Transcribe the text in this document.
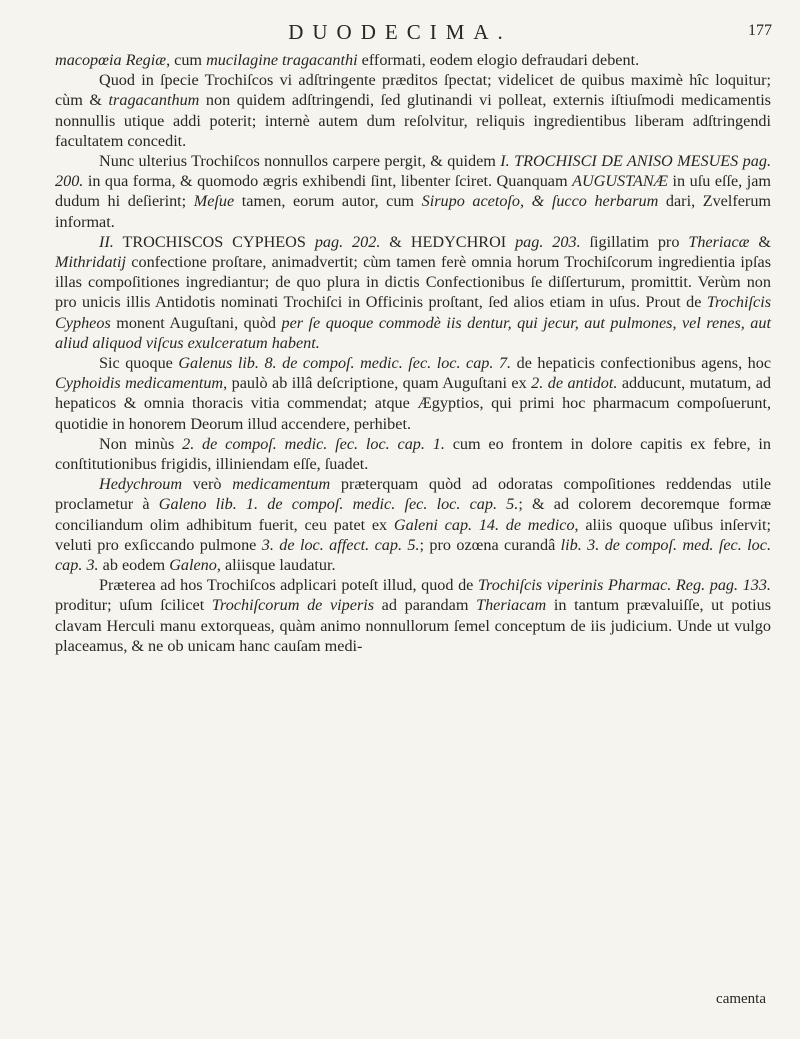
DUODECIMA.	177

macopœia Regiæ, cum mucilagine tragacanthi efformati, eodem elogio defraudari debent.

Quod in ſpecie Trochiſcos vi adſtringente præditos ſpectat; videlicet de quibus maximè hîc loquitur; cùm & tragacanthum non quidem adſtringendi, ſed glutinandi vi polleat, externis iſtiuſmodi medicamentis nonnullis utique addi poterit; internè autem dum reſolvitur, reliquis ingredientibus liberam adſtringendi facultatem concedit.

Nunc ulterius Trochiſcos nonnullos carpere pergit, & quidem I. TROCHISCI DE ANISO MESUES pag. 200. in qua forma, & quomodo ægris exhibendi ſint, libenter ſciret. Quanquam AUGUSTANÆ in uſu eſſe, jam dudum hi deſierint; Meſue tamen, eorum autor, cum Sirupo acetoſo, & ſucco herbarum dari, Zvelferum informat.

II. TROCHISCOS CYPHEOS pag. 202. & HEDYCHROI pag. 203. ſigillatim pro Theriacæ & Mithridatij confectione proſtare, animadvertit; cùm tamen ferè omnia horum Trochiſcorum ingredientia ipſas illas compoſitiones ingrediantur; de quo plura in dictis Confectionibus ſe diſſerturum, promittit. Verùm non pro unicis illis Antidotis nominati Trochiſci in Officinis proſtant, ſed alios etiam in uſus. Prout de Trochiſcis Cypheos monent Auguſtani, quòd per ſe quoque commodè iis dentur, qui jecur, aut pulmones, vel renes, aut aliud aliquod viſcus exulceratum habent.

Sic quoque Galenus lib. 8. de compoſ. medic. ſec. loc. cap. 7. de hepaticis confectionibus agens, hoc Cyphoidis medicamentum, paulò ab illâ deſcriptione, quam Auguſtani ex 2. de antidot. adducunt, mutatum, ad hepaticos & omnia thoracis vitia commendat; atque Ægyptios, qui primi hoc pharmacum compoſuerunt, quotidie in honorem Deorum illud accendere, perhibet.

Non minùs 2. de compoſ. medic. ſec. loc. cap. 1. cum eo frontem in dolore capitis ex febre, in conſtitutionibus frigidis, illiniendam eſſe, ſuadet.

Hedychroum verò medicamentum præterquam quòd ad odoratas compoſitiones reddendas utile proclametur à Galeno lib. 1. de compoſ. medic. ſec. loc. cap. 5.; & ad colorem decoremque formæ conciliandum olim adhibitum fuerit, ceu patet ex Galeni cap. 14. de medico, aliis quoque uſibus inſervit; veluti pro exſiccando pulmone 3. de loc. affect. cap. 5.; pro ozœna curandâ lib. 3. de compoſ. med. ſec. loc. cap. 3. ab eodem Galeno, aliisque laudatur.

Præterea ad hos Trochiſcos adplicari poteſt illud, quod de Trochiſcis viperinis Pharmac. Reg. pag. 133. proditur; uſum ſcilicet Trochiſcorum de viperis ad parandam Theriacam in tantum prævaluiſſe, ut potius clavam Herculi manu extorqueas, quàm animo nonnullorum ſemel conceptum de iis judicium. Unde ut vulgo placeamus, & ne ob unicam hanc cauſam medi-

camenta
